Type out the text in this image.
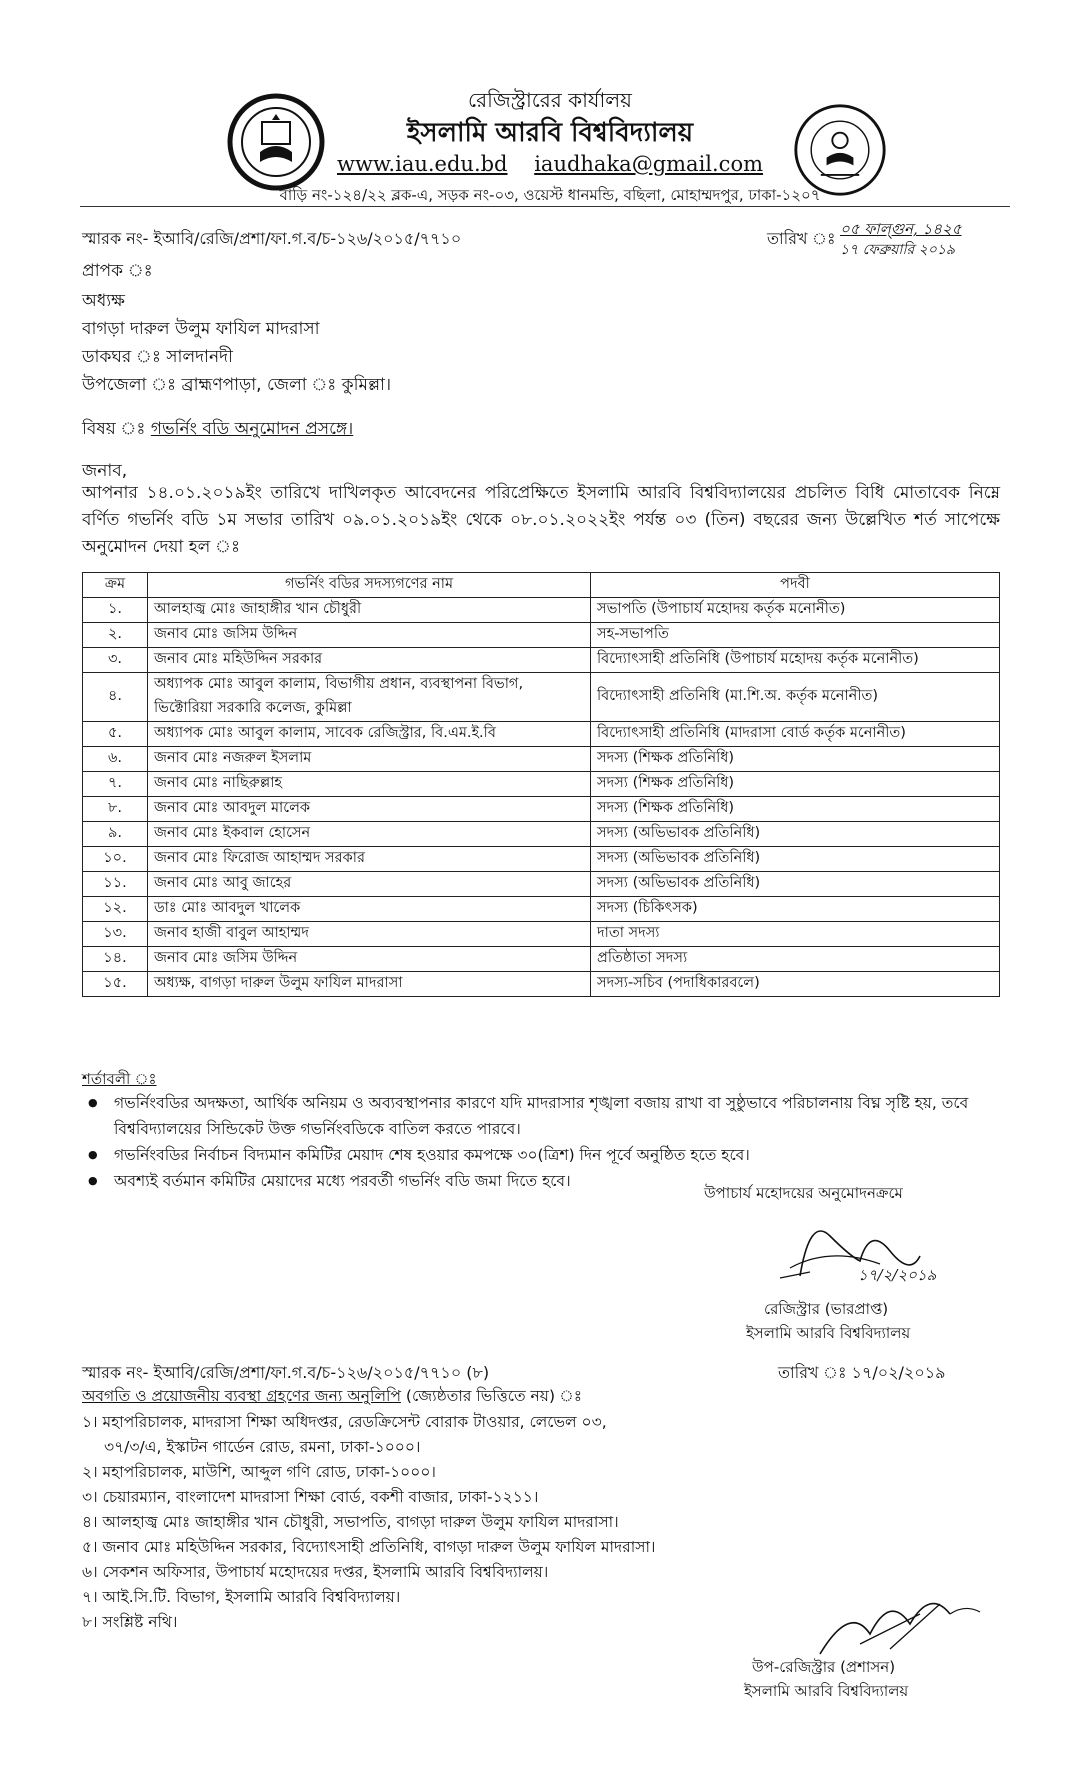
রেজিস্ট্রারের কার্যালয়
ইসলামি আরবি বিশ্ববিদ্যালয়
www.iau.edu.bd iaudhaka@gmail.com
বাড়ি নং-১২৪/২২ ব্লক-এ, সড়ক নং-০৩, ওয়েস্ট ধানমন্ডি, বছিলা, মোহাম্মদপুর, ঢাকা-১২০৭
স্মারক নং- ইআবি/রেজি/প্রশা/ফা.গ.ব/চ-১২৬/২০১৫/৭৭১০	তারিখ ঃ ০৫ ফাল্গুন, ১৪২৫
১৭ ফেব্রুয়ারি ২০১৯
প্রাপক ঃ
অধ্যক্ষ
বাগড়া দারুল উলুম ফাযিল মাদরাসা
ডাকঘর ঃ সালদানদী
উপজেলা ঃ ব্রাহ্মণপাড়া, জেলা ঃ কুমিল্লা।
বিষয় ঃ গভর্নিং বডি অনুমোদন প্রসঙ্গে।
জনাব,
আপনার ১৪.০১.২০১৯ইং তারিখে দাখিলকৃত আবেদনের পরিপ্রেক্ষিতে ইসলামি আরবি বিশ্ববিদ্যালয়ের প্রচলিত বিধি মোতাবেক নিম্নে বর্ণিত গভর্নিং বডি ১ম সভার তারিখ ০৯.০১.২০১৯ইং থেকে ০৮.০১.২০২২ইং পর্যন্ত ০৩ (তিন) বছরের জন্য উল্লেখিত শর্ত সাপেক্ষে অনুমোদন দেয়া হল ঃ
ক্রম	গভর্নিং বডির সদস্যগণের নাম	পদবী
১.	আলহাজ্ব মোঃ জাহাঙ্গীর খান চৌধুরী	সভাপতি (উপাচার্য মহোদয় কর্তৃক মনোনীত)
২.	জনাব মোঃ জসিম উদ্দিন	সহ-সভাপতি
৩.	জনাব মোঃ মহিউদ্দিন সরকার	বিদ্যোৎসাহী প্রতিনিধি (উপাচার্য মহোদয় কর্তৃক মনোনীত)
৪.	অধ্যাপক মোঃ আবুল কালাম, বিভাগীয় প্রধান, ব্যবস্থাপনা বিভাগ, ভিক্টোরিয়া সরকারি কলেজ, কুমিল্লা	বিদ্যোৎসাহী প্রতিনিধি (মা.শি.অ. কর্তৃক মনোনীত)
৫.	অধ্যাপক মোঃ আবুল কালাম, সাবেক রেজিস্ট্রার, বি.এম.ই.বি	বিদ্যোৎসাহী প্রতিনিধি (মাদরাসা বোর্ড কর্তৃক মনোনীত)
৬.	জনাব মোঃ নজরুল ইসলাম	সদস্য (শিক্ষক প্রতিনিধি)
৭.	জনাব মোঃ নাছিরুল্লাহ	সদস্য (শিক্ষক প্রতিনিধি)
৮.	জনাব মোঃ আবদুল মালেক	সদস্য (শিক্ষক প্রতিনিধি)
৯.	জনাব মোঃ ইকবাল হোসেন	সদস্য (অভিভাবক প্রতিনিধি)
১০.	জনাব মোঃ ফিরোজ আহাম্মদ সরকার	সদস্য (অভিভাবক প্রতিনিধি)
১১.	জনাব মোঃ আবু জাহের	সদস্য (অভিভাবক প্রতিনিধি)
১২.	ডাঃ মোঃ আবদুল খালেক	সদস্য (চিকিৎসক)
১৩.	জনাব হাজী বাবুল আহাম্মদ	দাতা সদস্য
১৪.	জনাব মোঃ জসিম উদ্দিন	প্রতিষ্ঠাতা সদস্য
১৫.	অধ্যক্ষ, বাগড়া দারুল উলুম ফাযিল মাদরাসা	সদস্য-সচিব (পদাধিকারবলে)
শর্তাবলী ঃ
● গভর্নিংবডির অদক্ষতা, আর্থিক অনিয়ম ও অব্যবস্থাপনার কারণে যদি মাদরাসার শৃঙ্খলা বজায় রাখা বা সুষ্ঠুভাবে পরিচালনায় বিঘ্ন সৃষ্টি হয়, তবে বিশ্ববিদ্যালয়ের সিন্ডিকেট উক্ত গভর্নিংবডিকে বাতিল করতে পারবে।
● গভর্নিংবডির নির্বাচন বিদ্যমান কমিটির মেয়াদ শেষ হওয়ার কমপক্ষে ৩০(ত্রিশ) দিন পূর্বে অনুষ্ঠিত হতে হবে।
● অবশ্যই বর্তমান কমিটির মেয়াদের মধ্যে পরবর্তী গভর্নিং বডি জমা দিতে হবে।
উপাচার্য মহোদয়ের অনুমোদনক্রমে
১৭/২/২০১৯
রেজিস্ট্রার (ভারপ্রাপ্ত)
ইসলামি আরবি বিশ্ববিদ্যালয়
স্মারক নং- ইআবি/রেজি/প্রশা/ফা.গ.ব/চ-১২৬/২০১৫/৭৭১০ (৮)	তারিখ ঃ ১৭/০২/২০১৯
অবগতি ও প্রয়োজনীয় ব্যবস্থা গ্রহণের জন্য অনুলিপি (জ্যেষ্ঠতার ভিত্তিতে নয়) ঃ
১। মহাপরিচালক, মাদরাসা শিক্ষা অধিদপ্তর, রেডক্রিসেন্ট বোরাক টাওয়ার, লেভেল ০৩,
৩৭/৩/এ, ইস্কাটন গার্ডেন রোড, রমনা, ঢাকা-১০০০।
২। মহাপরিচালক, মাউশি, আব্দুল গণি রোড, ঢাকা-১০০০।
৩। চেয়ারম্যান, বাংলাদেশ মাদরাসা শিক্ষা বোর্ড, বকশী বাজার, ঢাকা-১২১১।
৪। আলহাজ্ব মোঃ জাহাঙ্গীর খান চৌধুরী, সভাপতি, বাগড়া দারুল উলুম ফাযিল মাদরাসা।
৫। জনাব মোঃ মহিউদ্দিন সরকার, বিদ্যোৎসাহী প্রতিনিধি, বাগড়া দারুল উলুম ফাযিল মাদরাসা।
৬। সেকশন অফিসার, উপাচার্য মহোদয়ের দপ্তর, ইসলামি আরবি বিশ্ববিদ্যালয়।
৭। আই.সি.টি. বিভাগ, ইসলামি আরবি বিশ্ববিদ্যালয়।
৮। সংশ্লিষ্ট নথি।
উপ-রেজিস্ট্রার (প্রশাসন)
ইসলামি আরবি বিশ্ববিদ্যালয়
